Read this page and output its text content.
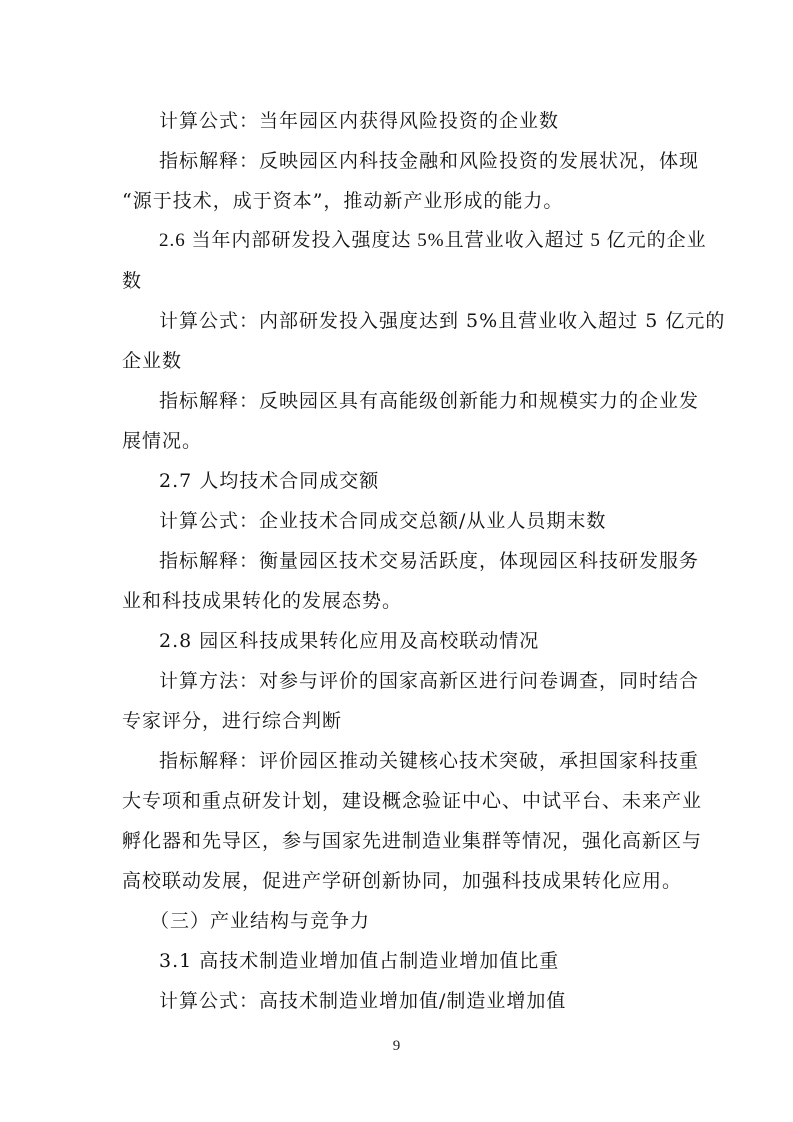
计算公式：当年园区内获得风险投资的企业数
指标解释：反映园区内科技金融和风险投资的发展状况，体现
“源于技术，成于资本”，推动新产业形成的能力。
2.6 当年内部研发投入强度达 5%且营业收入超过 5 亿元的企业
数
计算公式：内部研发投入强度达到 5%且营业收入超过 5 亿元的
企业数
指标解释：反映园区具有高能级创新能力和规模实力的企业发
展情况。
2.7 人均技术合同成交额
计算公式：企业技术合同成交总额/从业人员期末数
指标解释：衡量园区技术交易活跃度，体现园区科技研发服务
业和科技成果转化的发展态势。
2.8 园区科技成果转化应用及高校联动情况
计算方法：对参与评价的国家高新区进行问卷调查，同时结合
专家评分，进行综合判断
指标解释：评价园区推动关键核心技术突破，承担国家科技重
大专项和重点研发计划，建设概念验证中心、中试平台、未来产业
孵化器和先导区，参与国家先进制造业集群等情况，强化高新区与
高校联动发展，促进产学研创新协同，加强科技成果转化应用。
（三）产业结构与竞争力
3.1 高技术制造业增加值占制造业增加值比重
计算公式：高技术制造业增加值/制造业增加值
9
